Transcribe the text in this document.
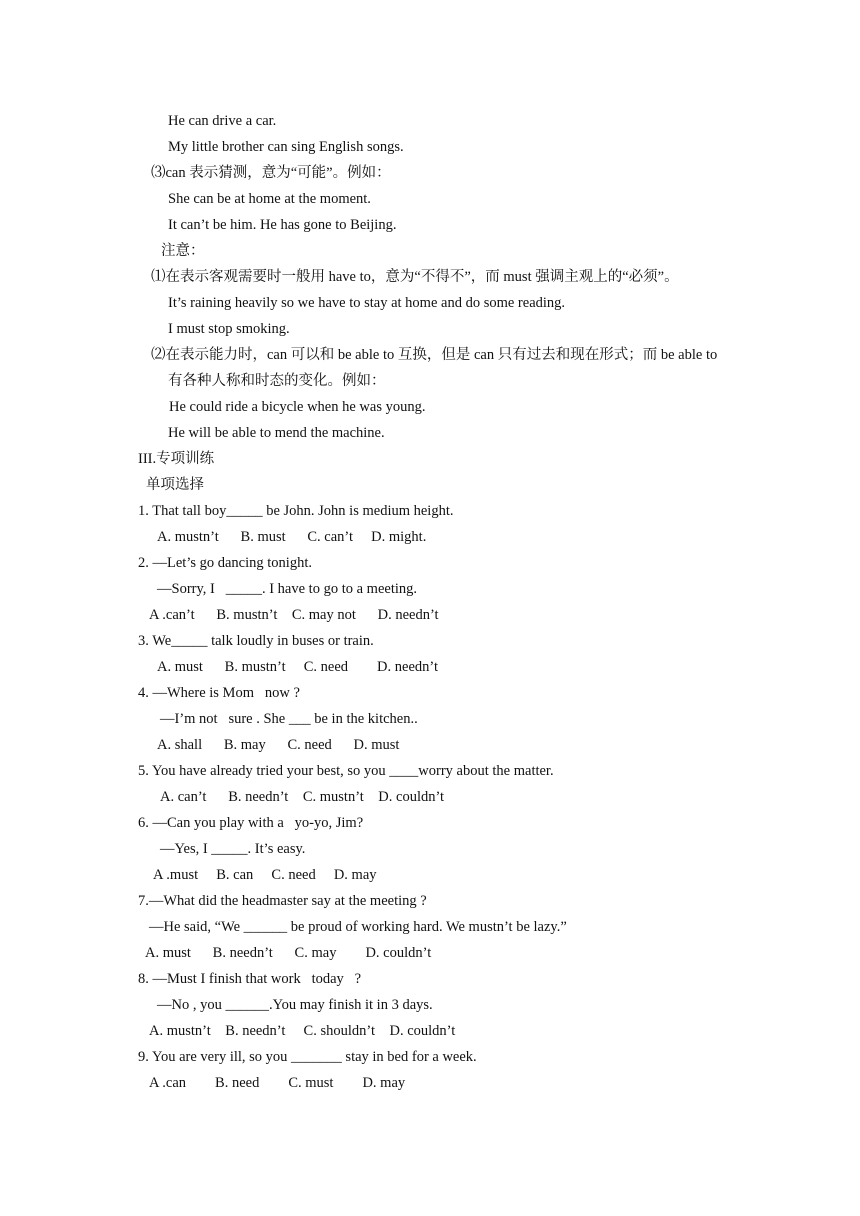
He can drive a car.
My little brother can sing English songs.
⑶can 表示猜测，意为“可能”。例如：
She can be at home at the moment.
It can’t be him. He has gone to Beijing.
注意：
⑴在表示客观需要时一般用 have to，意为“不得不”，而 must 强调主观上的“必须”。
It’s raining heavily so we have to stay at home and do some reading.
I must stop smoking.
⑵在表示能力时，can 可以和 be able to 互换，但是 can 只有过去和现在形式；而 be able to
有各种人称和时态的变化。例如：
He could ride a bicycle when he was young.
He will be able to mend the machine.
III.专项训练
单项选择
1. That tall boy_____ be John. John is medium height.
A. mustn’t      B. must      C. can’t     D. might.
2. —Let’s go dancing tonight.
—Sorry, I   _____. I have to go to a meeting.
A .can’t      B. mustn’t    C. may not      D. needn’t
3. We_____ talk loudly in buses or train.
A. must      B. mustn’t     C. need        D. needn’t
4. —Where is Mom   now ?
—I’m not   sure . She ___ be in the kitchen..
A. shall      B. may      C. need      D. must
5. You have already tried your best, so you ____worry about the matter.
A. can’t      B. needn’t    C. mustn’t    D. couldn’t
6. —Can you play with a   yo-yo, Jim?
—Yes, I _____. It’s easy.
A .must     B. can     C. need     D. may
7.—What did the headmaster say at the meeting ?
—He said, “We ______ be proud of working hard. We mustn’t be lazy.”
A. must      B. needn’t      C. may        D. couldn’t
8. —Must I finish that work   today   ?
—No , you ______.You may finish it in 3 days.
A. mustn’t    B. needn’t     C. shouldn’t    D. couldn’t
9. You are very ill, so you _______ stay in bed for a week.
A .can        B. need        C. must        D. may
